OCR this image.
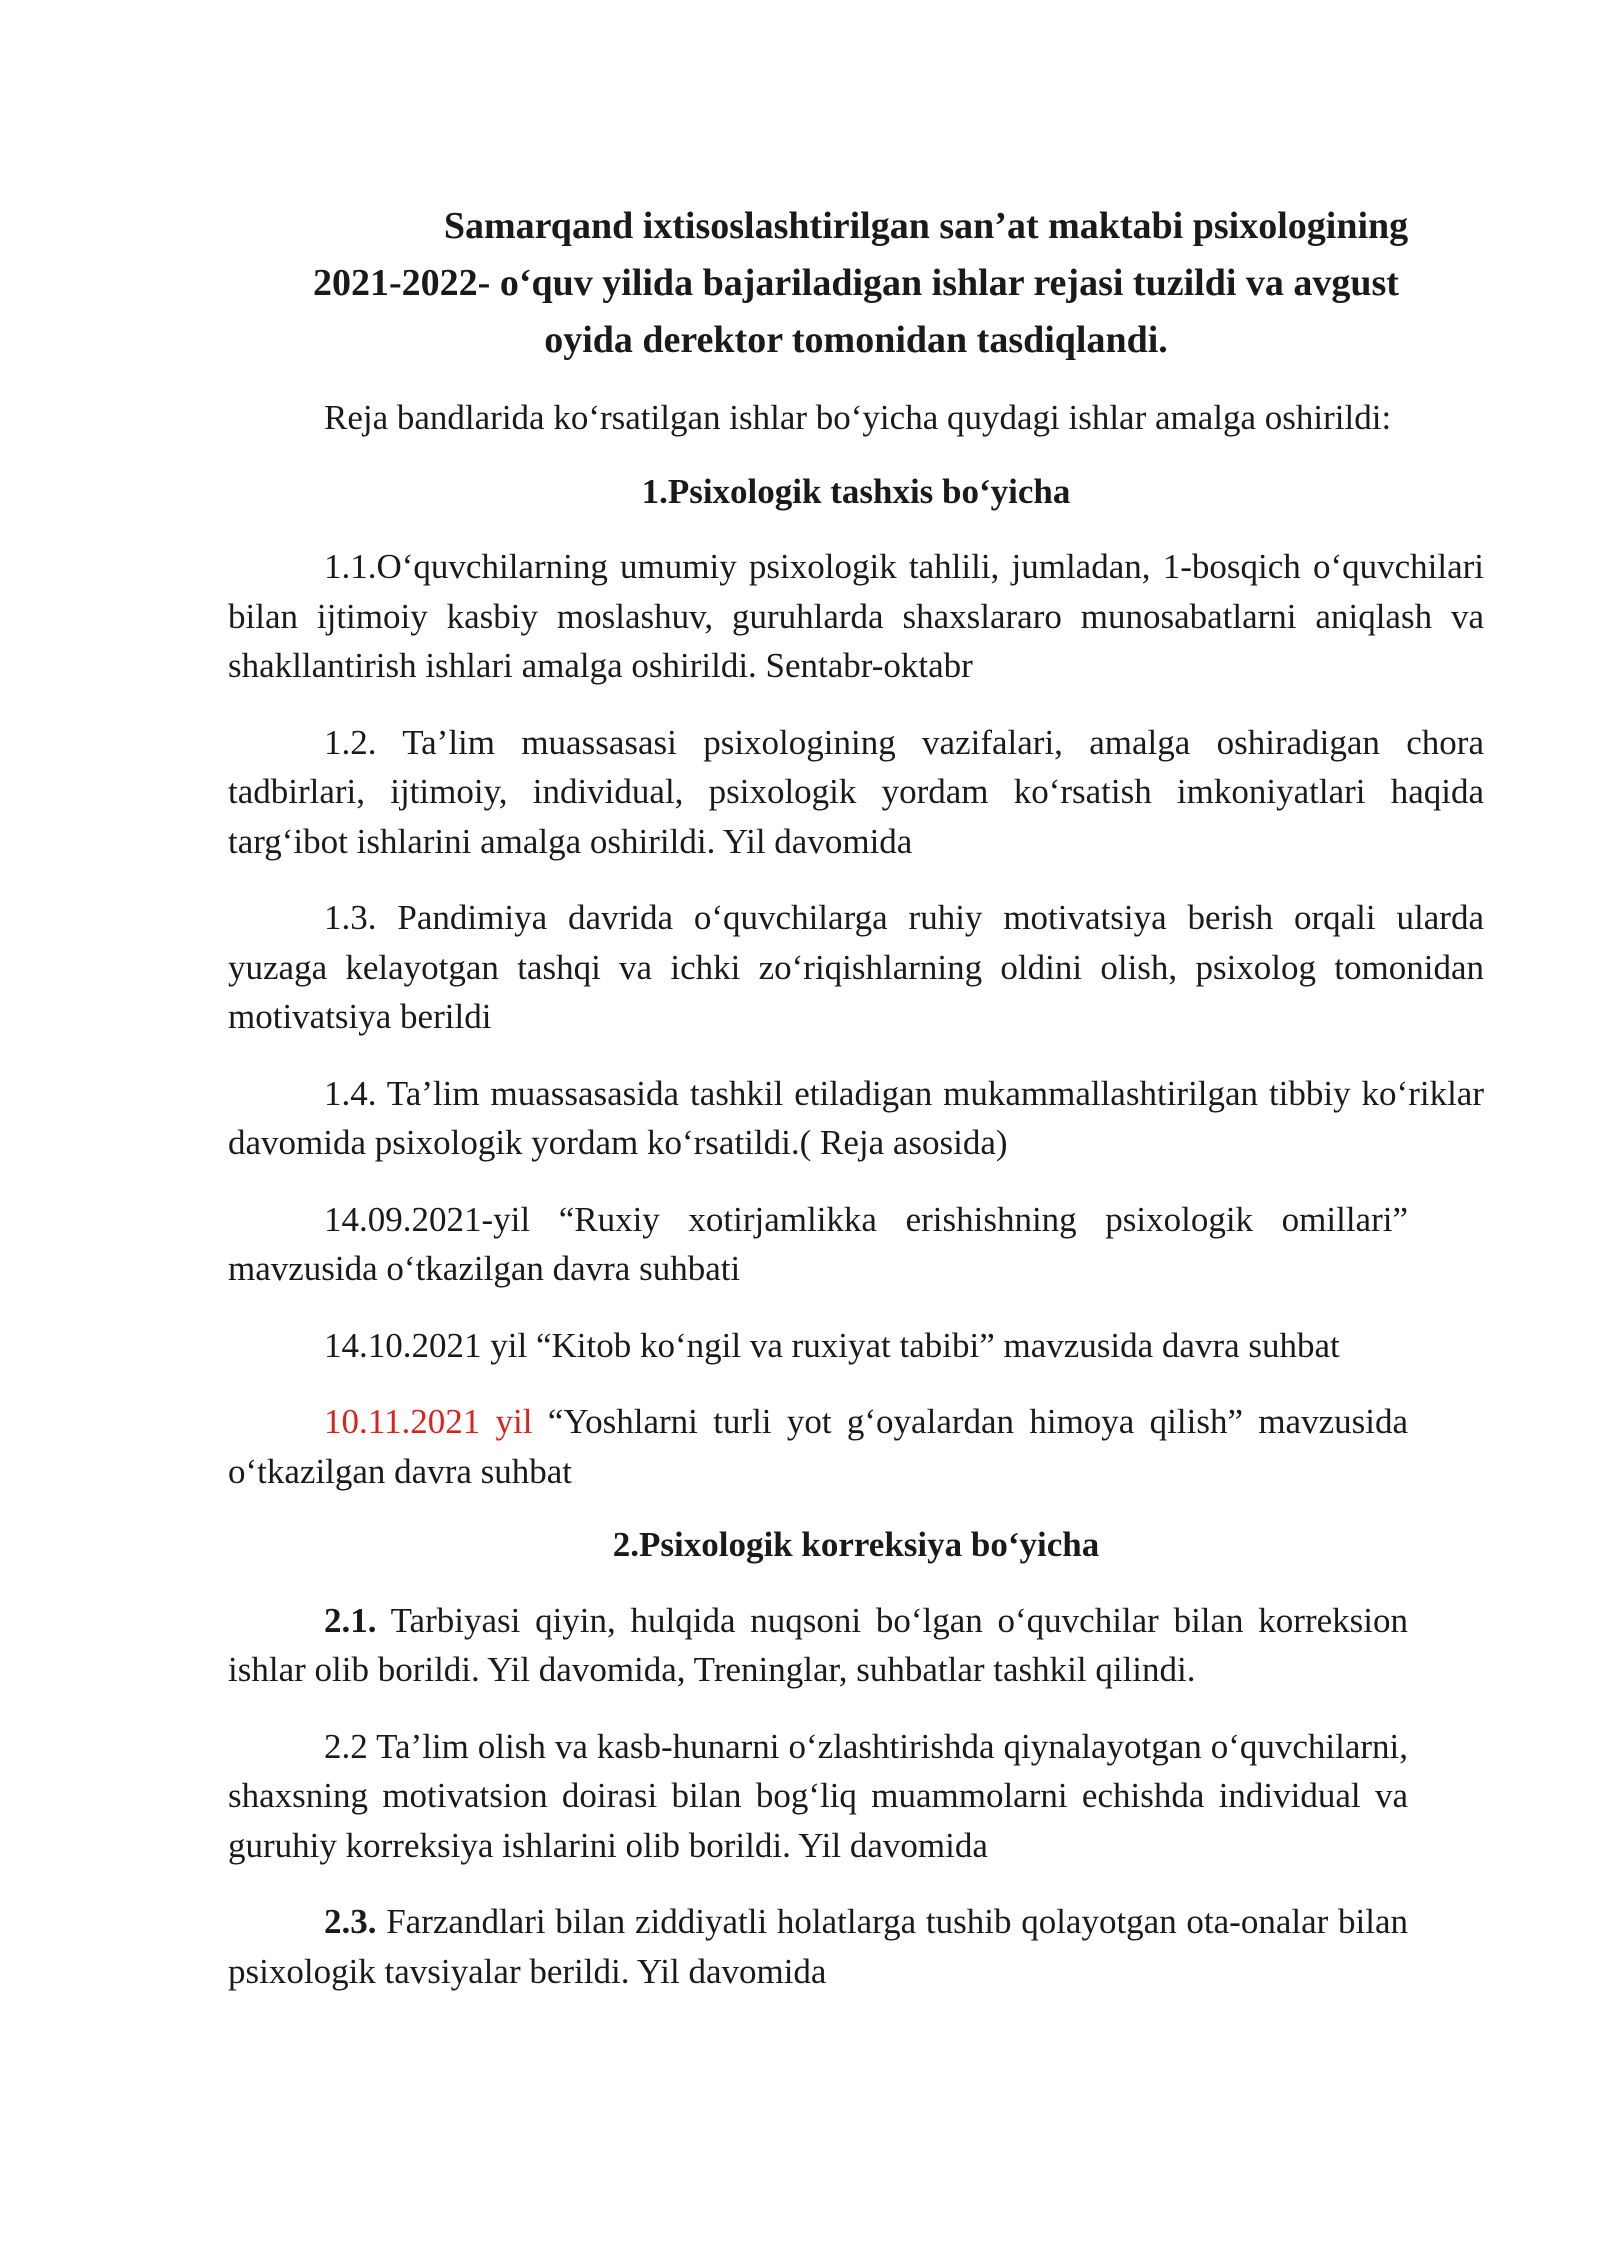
Samarqand ixtisoslashtirilgan san’at maktabi psixologining
2021-2022- o‘quv yilida bajariladigan ishlar rejasi tuzildi va avgust
oyida derektor tomonidan tasdiqlandi.

Reja bandlarida ko‘rsatilgan ishlar bo‘yicha quydagi ishlar amalga oshirildi:

1.Psixologik tashxis bo‘yicha

1.1.O‘quvchilarning umumiy psixologik tahlili, jumladan, 1-bosqich o‘quvchilari bilan ijtimoiy kasbiy moslashuv, guruhlarda shaxslararo munosabatlarni aniqlash va shakllantirish ishlari amalga oshirildi. Sentabr-oktabr

1.2. Ta’lim muassasasi psixologining vazifalari, amalga oshiradigan chora tadbirlari, ijtimoiy, individual, psixologik yordam ko‘rsatish imkoniyatlari haqida targ‘ibot ishlarini amalga oshirildi. Yil davomida

1.3. Pandimiya davrida o‘quvchilarga ruhiy motivatsiya berish orqali ularda yuzaga kelayotgan tashqi va ichki zo‘riqishlarning oldini olish, psixolog tomonidan motivatsiya berildi

1.4. Ta’lim muassasasida tashkil etiladigan mukammallashtirilgan tibbiy ko‘riklar davomida psixologik yordam ko‘rsatildi.( Reja asosida)

14.09.2021-yil “Ruxiy xotirjamlikka erishishning psixologik omillari” mavzusida o‘tkazilgan davra suhbati

14.10.2021 yil “Kitob ko‘ngil va ruxiyat tabibi” mavzusida davra suhbat

10.11.2021 yil “Yoshlarni turli yot g‘oyalardan himoya qilish” mavzusida o‘tkazilgan davra suhbat

2.Psixologik korreksiya bo‘yicha

2.1. Tarbiyasi qiyin, hulqida nuqsoni bo‘lgan o‘quvchilar bilan korreksion ishlar olib borildi. Yil davomida, Treninglar, suhbatlar tashkil qilindi.

2.2 Ta’lim olish va kasb-hunarni o‘zlashtirishda qiynalayotgan o‘quvchilarni, shaxsning motivatsion doirasi bilan bog‘liq muammolarni echishda individual va guruhiy korreksiya ishlarini olib borildi. Yil davomida

2.3. Farzandlari bilan ziddiyatli holatlarga tushib qolayotgan ota-onalar bilan psixologik tavsiyalar berildi. Yil davomida
